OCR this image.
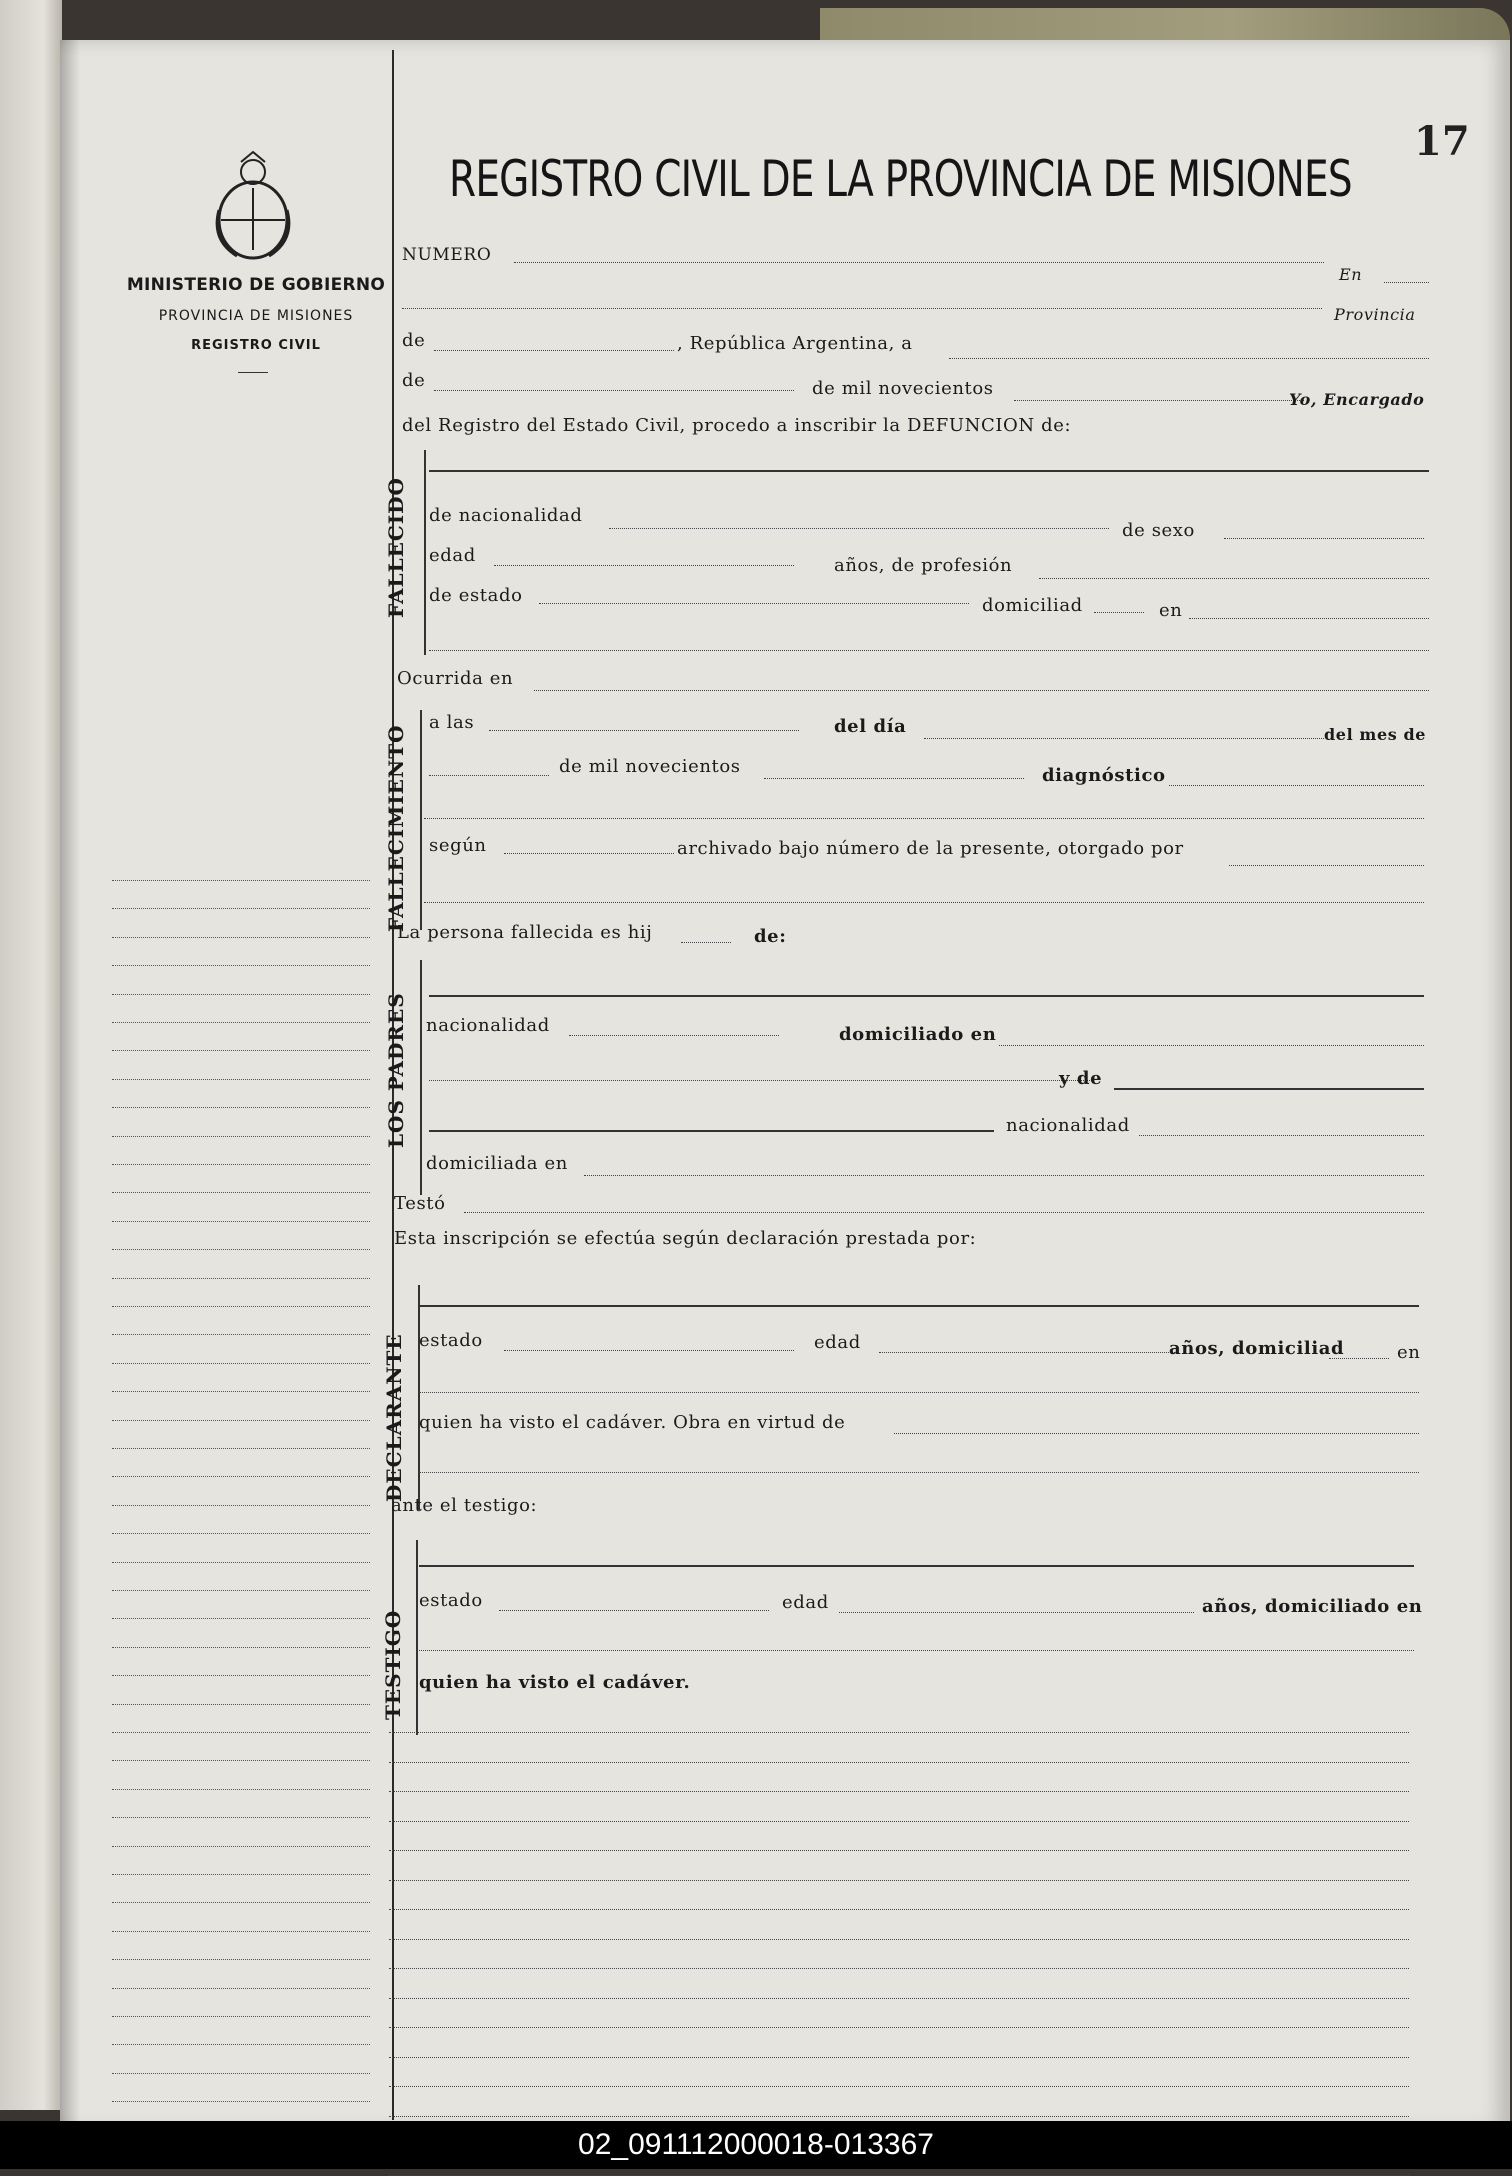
MINISTERIO DE GOBIERNO
PROVINCIA DE MISIONES
REGISTRO CIVIL
17
REGISTRO CIVIL DE LA PROVINCIA DE MISIONES
NUMERO
En
Provincia
de	, República Argentina, a
de	de mil novecientos
Yo, Encargado
del Registro del Estado Civil, procedo a inscribir la DEFUNCION de:
FALLECIDO de nacionalidad
de sexo
edad	años, de profesión
de estado	domiciliad	en
Ocurrida en
FALLECIMIENTO
a las	del día	del mes de
de mil novecientos	diagnóstico
según	archivado bajo número de la presente, otorgado por
La persona fallecida es hij	de:
LOS PADRES nacionalidad	domiciliado en
y de
nacionalidad
domiciliada en
Testó
Esta inscripción se efectúa según declaración prestada por:
DECLARANTE estado	edad	años, domiciliad	en
quien ha visto el cadáver. Obra en virtud de
ante el testigo:
TESTIGO
estado	edad	años, domiciliado en
quien ha visto el cadáver.
02_091112000018-013367
